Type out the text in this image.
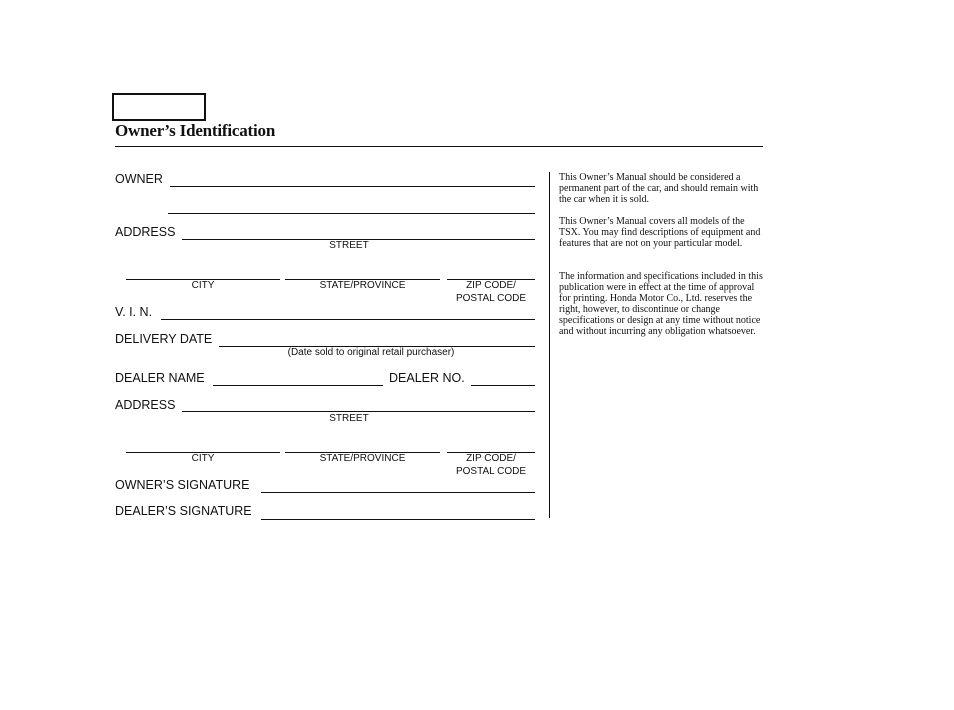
Owner’s Identification
OWNER
ADDRESS
STREET
CITY	STATE/PROVINCE	ZIP CODE/
POSTAL CODE
V. I. N.
DELIVERY DATE
(Date sold to original retail purchaser)
DEALER NAME	DEALER NO.
ADDRESS
STREET
CITY	STATE/PROVINCE	ZIP CODE/
POSTAL CODE
OWNER’S SIGNATURE
DEALER’S SIGNATURE

This Owner’s Manual should be considered a permanent part of the car, and should remain with the car when it is sold.

This Owner’s Manual covers all models of the TSX. You may find descriptions of equipment and features that are not on your particular model.

The information and specifications included in this publication were in effect at the time of approval for printing. Honda Motor Co., Ltd. reserves the right, however, to discontinue or change specifications or design at any time without notice and without incurring any obligation whatsoever.
